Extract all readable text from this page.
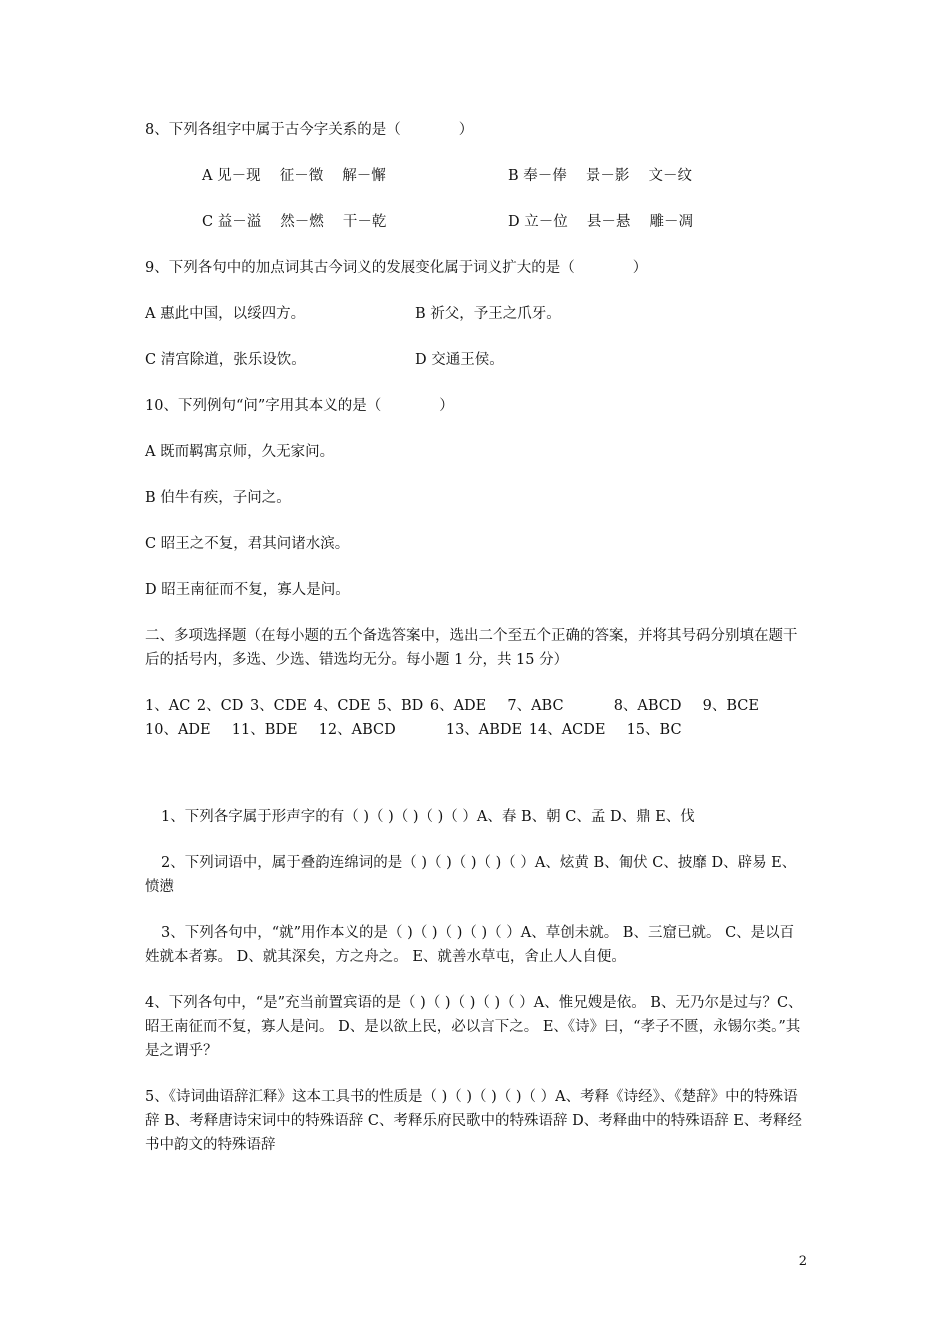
8、下列各组字中属于古今字关系的是（　　　　）

A 见－现　 征－徵　 解－懈	B 奉－俸　 景－影　 文－纹
C 益－溢　 然－燃　 干－乾	D 立－位　 县－悬　 雕－凋

9、下列各句中的加点词其古今词义的发展变化属于词义扩大的是（　　　　）

A 惠此中国，以绥四方。	B 祈父，予王之爪牙。
C 清宫除道，张乐设饮。	D 交通王侯。

10、下列例句“问”字用其本义的是（　　　　）

A 既而羁寓京师，久无家问。

B 伯牛有疾，子问之。

C 昭王之不复，君其问诸水滨。

D 昭王南征而不复，寡人是问。

二、多项选择题（在每小题的五个备选答案中，选出二个至五个正确的答案，并将其号码分别填在题干后的括号内，多选、少选、错选均无分。每小题 1 分，共 15 分）

1、AC 2、CD 3、CDE 4、CDE 5、BD 6、ADE　 7、ABC　　　 8、ABCD　 9、BCE　 10、ADE　 11、BDE　 12、ABCD　　　 13、ABDE 14、ACDE　 15、BC

1、下列各字属于形声字的有（ )（ )（ )（ )（ ）A、春 B、朝 C、孟 D、鼎 E、伐

2、下列词语中，属于叠韵连绵词的是（ )（ )（ )（ )（ ）A、炫黄 B、匍伏 C、披靡 D、辟易 E、愤懑

3、下列各句中，“就”用作本义的是（ )（ )（ )（ )（ ）A、草创未就。 B、三窟已就。 C、是以百姓就本者寡。 D、就其深矣，方之舟之。 E、就善水草屯，舍止人人自便。

4、下列各句中，“是”充当前置宾语的是（ )（ )（ )（ )（ ）A、惟兄嫂是依。 B、无乃尔是过与？C、昭王南征而不复，寡人是问。 D、是以欲上民，必以言下之。 E、《诗》曰，“孝子不匮，永锡尔类。”其是之谓乎？

5、《诗词曲语辞汇释》这本工具书的性质是（ )（ )（ )（ )（ ）A、考释《诗经》、《楚辞》中的特殊语辞 B、考释唐诗宋词中的特殊语辞 C、考释乐府民歌中的特殊语辞 D、考释曲中的特殊语辞 E、考释经书中韵文的特殊语辞

2
